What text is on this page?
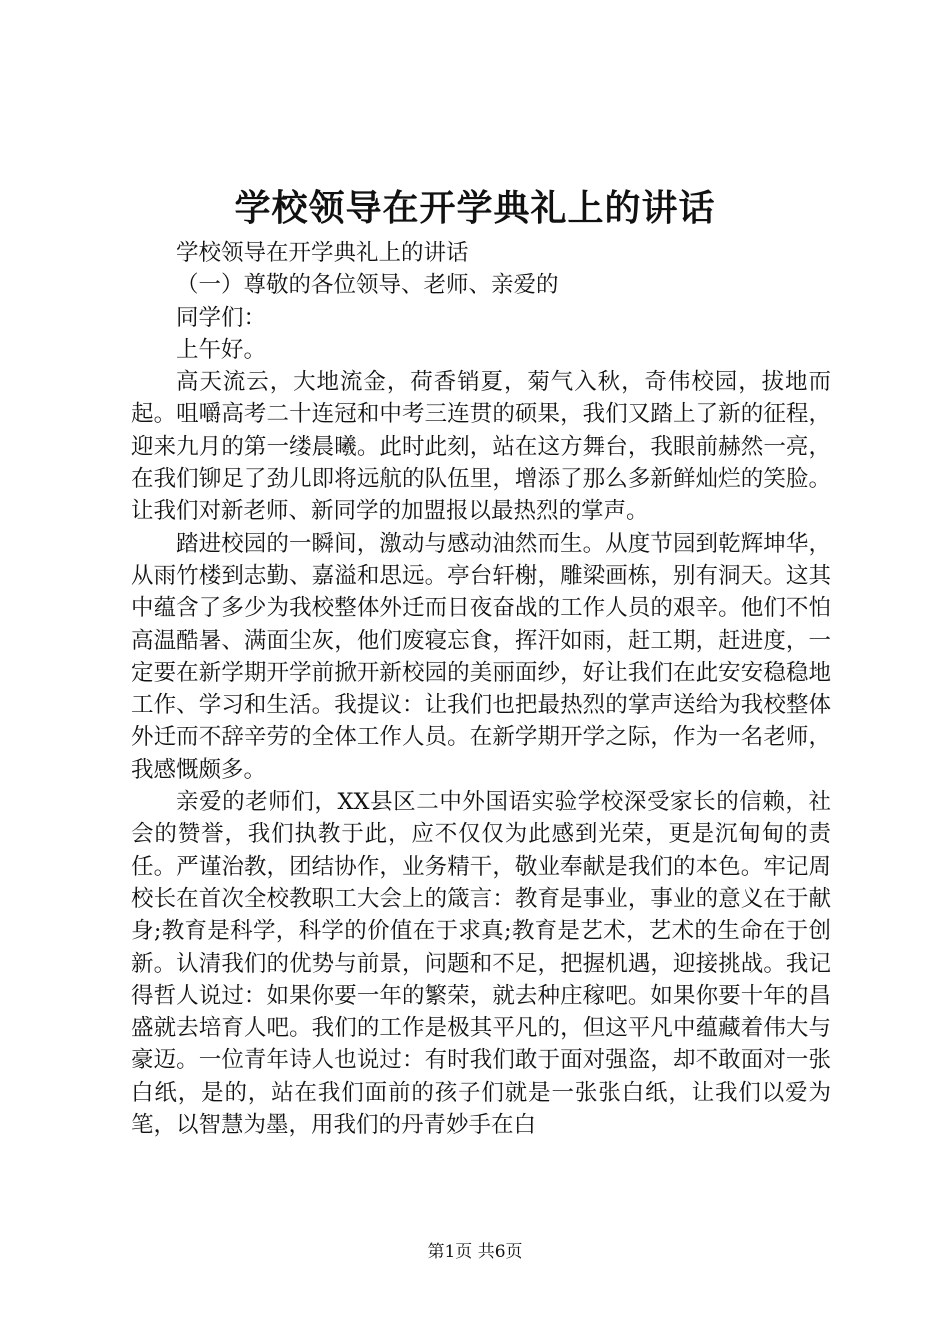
学校领导在开学典礼上的讲话

学校领导在开学典礼上的讲话

（一）尊敬的各位领导、老师、亲爱的

同学们：

上午好。

高天流云，大地流金，荷香销夏，菊气入秋，奇伟校园，拔地而起。咀嚼高考二十连冠和中考三连贯的硕果，我们又踏上了新的征程，迎来九月的第一缕晨曦。此时此刻，站在这方舞台，我眼前赫然一亮，在我们铆足了劲儿即将远航的队伍里，增添了那么多新鲜灿烂的笑脸。让我们对新老师、新同学的加盟报以最热烈的掌声。

踏进校园的一瞬间，激动与感动油然而生。从度节园到乾辉坤华，从雨竹楼到志勤、嘉溢和思远。亭台轩榭，雕梁画栋，别有洞天。这其中蕴含了多少为我校整体外迁而日夜奋战的工作人员的艰辛。他们不怕高温酷暑、满面尘灰，他们废寝忘食，挥汗如雨，赶工期，赶进度，一定要在新学期开学前掀开新校园的美丽面纱，好让我们在此安安稳稳地工作、学习和生活。我提议：让我们也把最热烈的掌声送给为我校整体外迁而不辞辛劳的全体工作人员。在新学期开学之际，作为一名老师，我感慨颇多。

亲爱的老师们，XX县区二中外国语实验学校深受家长的信赖，社会的赞誉，我们执教于此，应不仅仅为此感到光荣，更是沉甸甸的责任。严谨治教，团结协作，业务精干，敬业奉献是我们的本色。牢记周校长在首次全校教职工大会上的箴言：教育是事业，事业的意义在于献身;教育是科学，科学的价值在于求真;教育是艺术，艺术的生命在于创新。认清我们的优势与前景，问题和不足，把握机遇，迎接挑战。我记得哲人说过：如果你要一年的繁荣，就去种庄稼吧。如果你要十年的昌盛就去培育人吧。我们的工作是极其平凡的，但这平凡中蕴藏着伟大与豪迈。一位青年诗人也说过：有时我们敢于面对强盗，却不敢面对一张白纸，是的，站在我们面前的孩子们就是一张张白纸，让我们以爱为笔，以智慧为墨，用我们的丹青妙手在白

第1页 共6页
